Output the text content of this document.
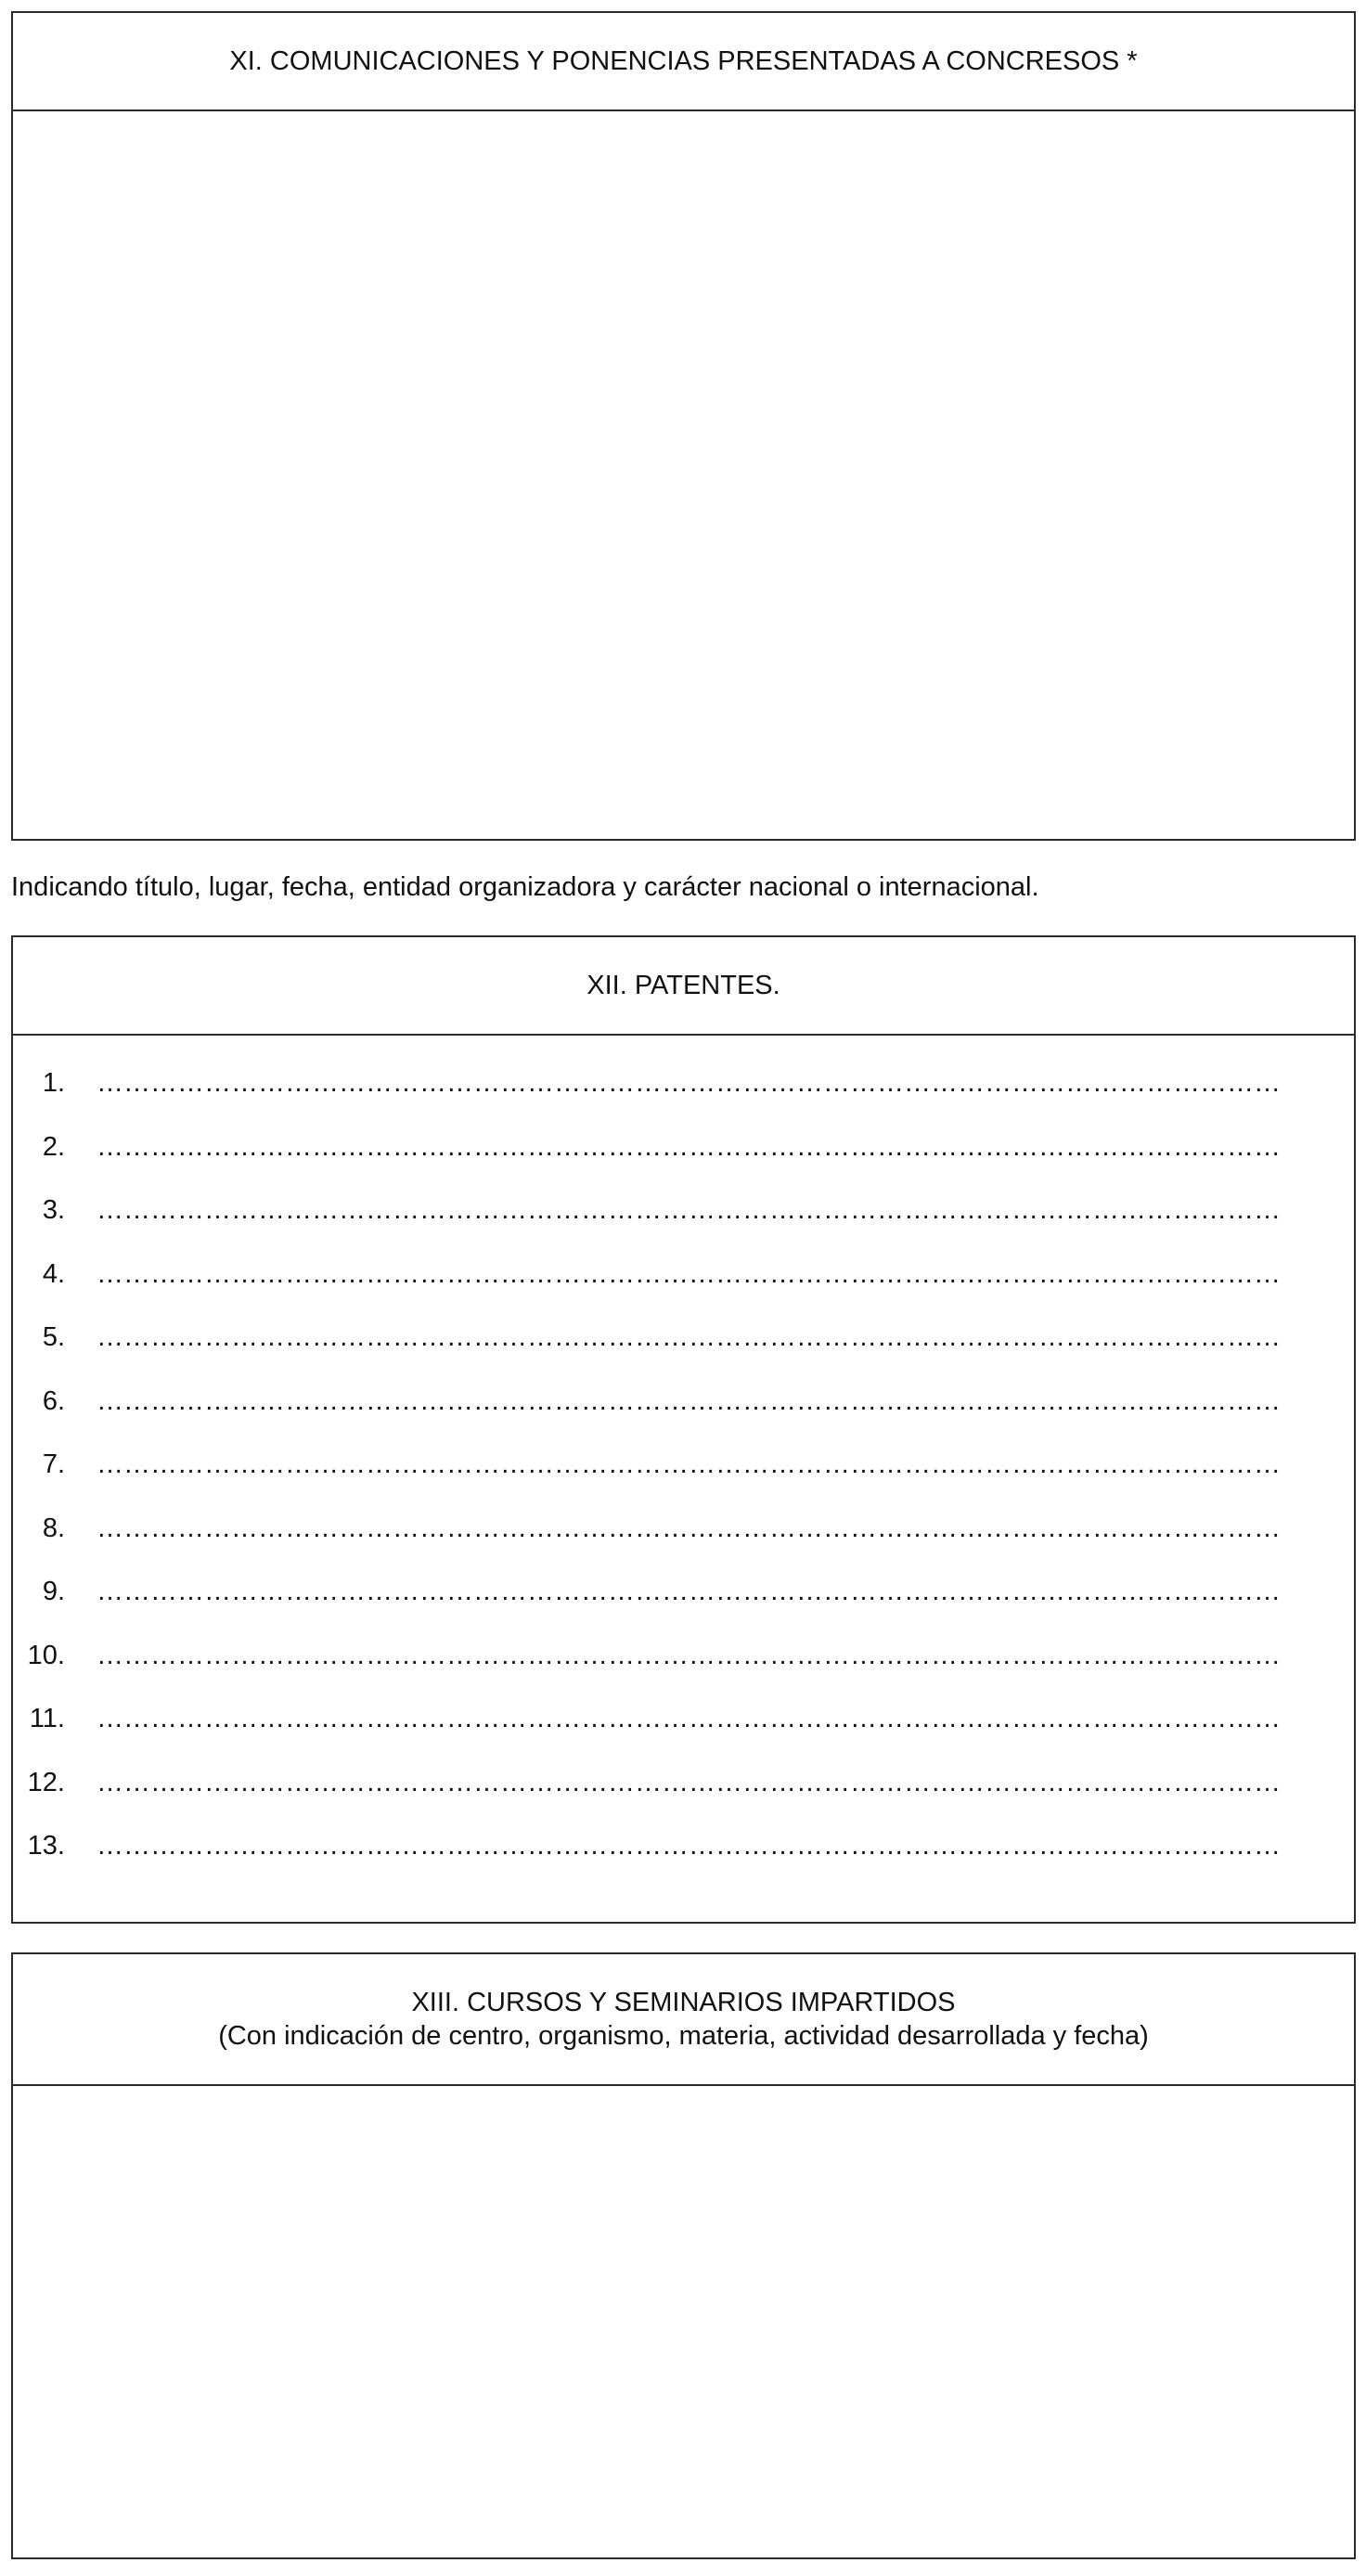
XI. COMUNICACIONES Y PONENCIAS PRESENTADAS A CONCRESOS *
Indicando título, lugar, fecha, entidad organizadora y carácter nacional o internacional.
XII. PATENTES.
1. ……………………………………………………………………………………………………………………
2. ……………………………………………………………………………………………………………………
3. ……………………………………………………………………………………………………………………
4. ……………………………………………………………………………………………………………………
5. ……………………………………………………………………………………………………………………
6. ……………………………………………………………………………………………………………………
7. ……………………………………………………………………………………………………………………
8. ……………………………………………………………………………………………………………………
9. ……………………………………………………………………………………………………………………
10. ……………………………………………………………………………………………………………………
11. ……………………………………………………………………………………………………………………
12. ……………………………………………………………………………………………………………………
13. ……………………………………………………………………………………………………………………
XIII. CURSOS Y SEMINARIOS IMPARTIDOS
(Con indicación de centro, organismo, materia, actividad desarrollada y fecha)
